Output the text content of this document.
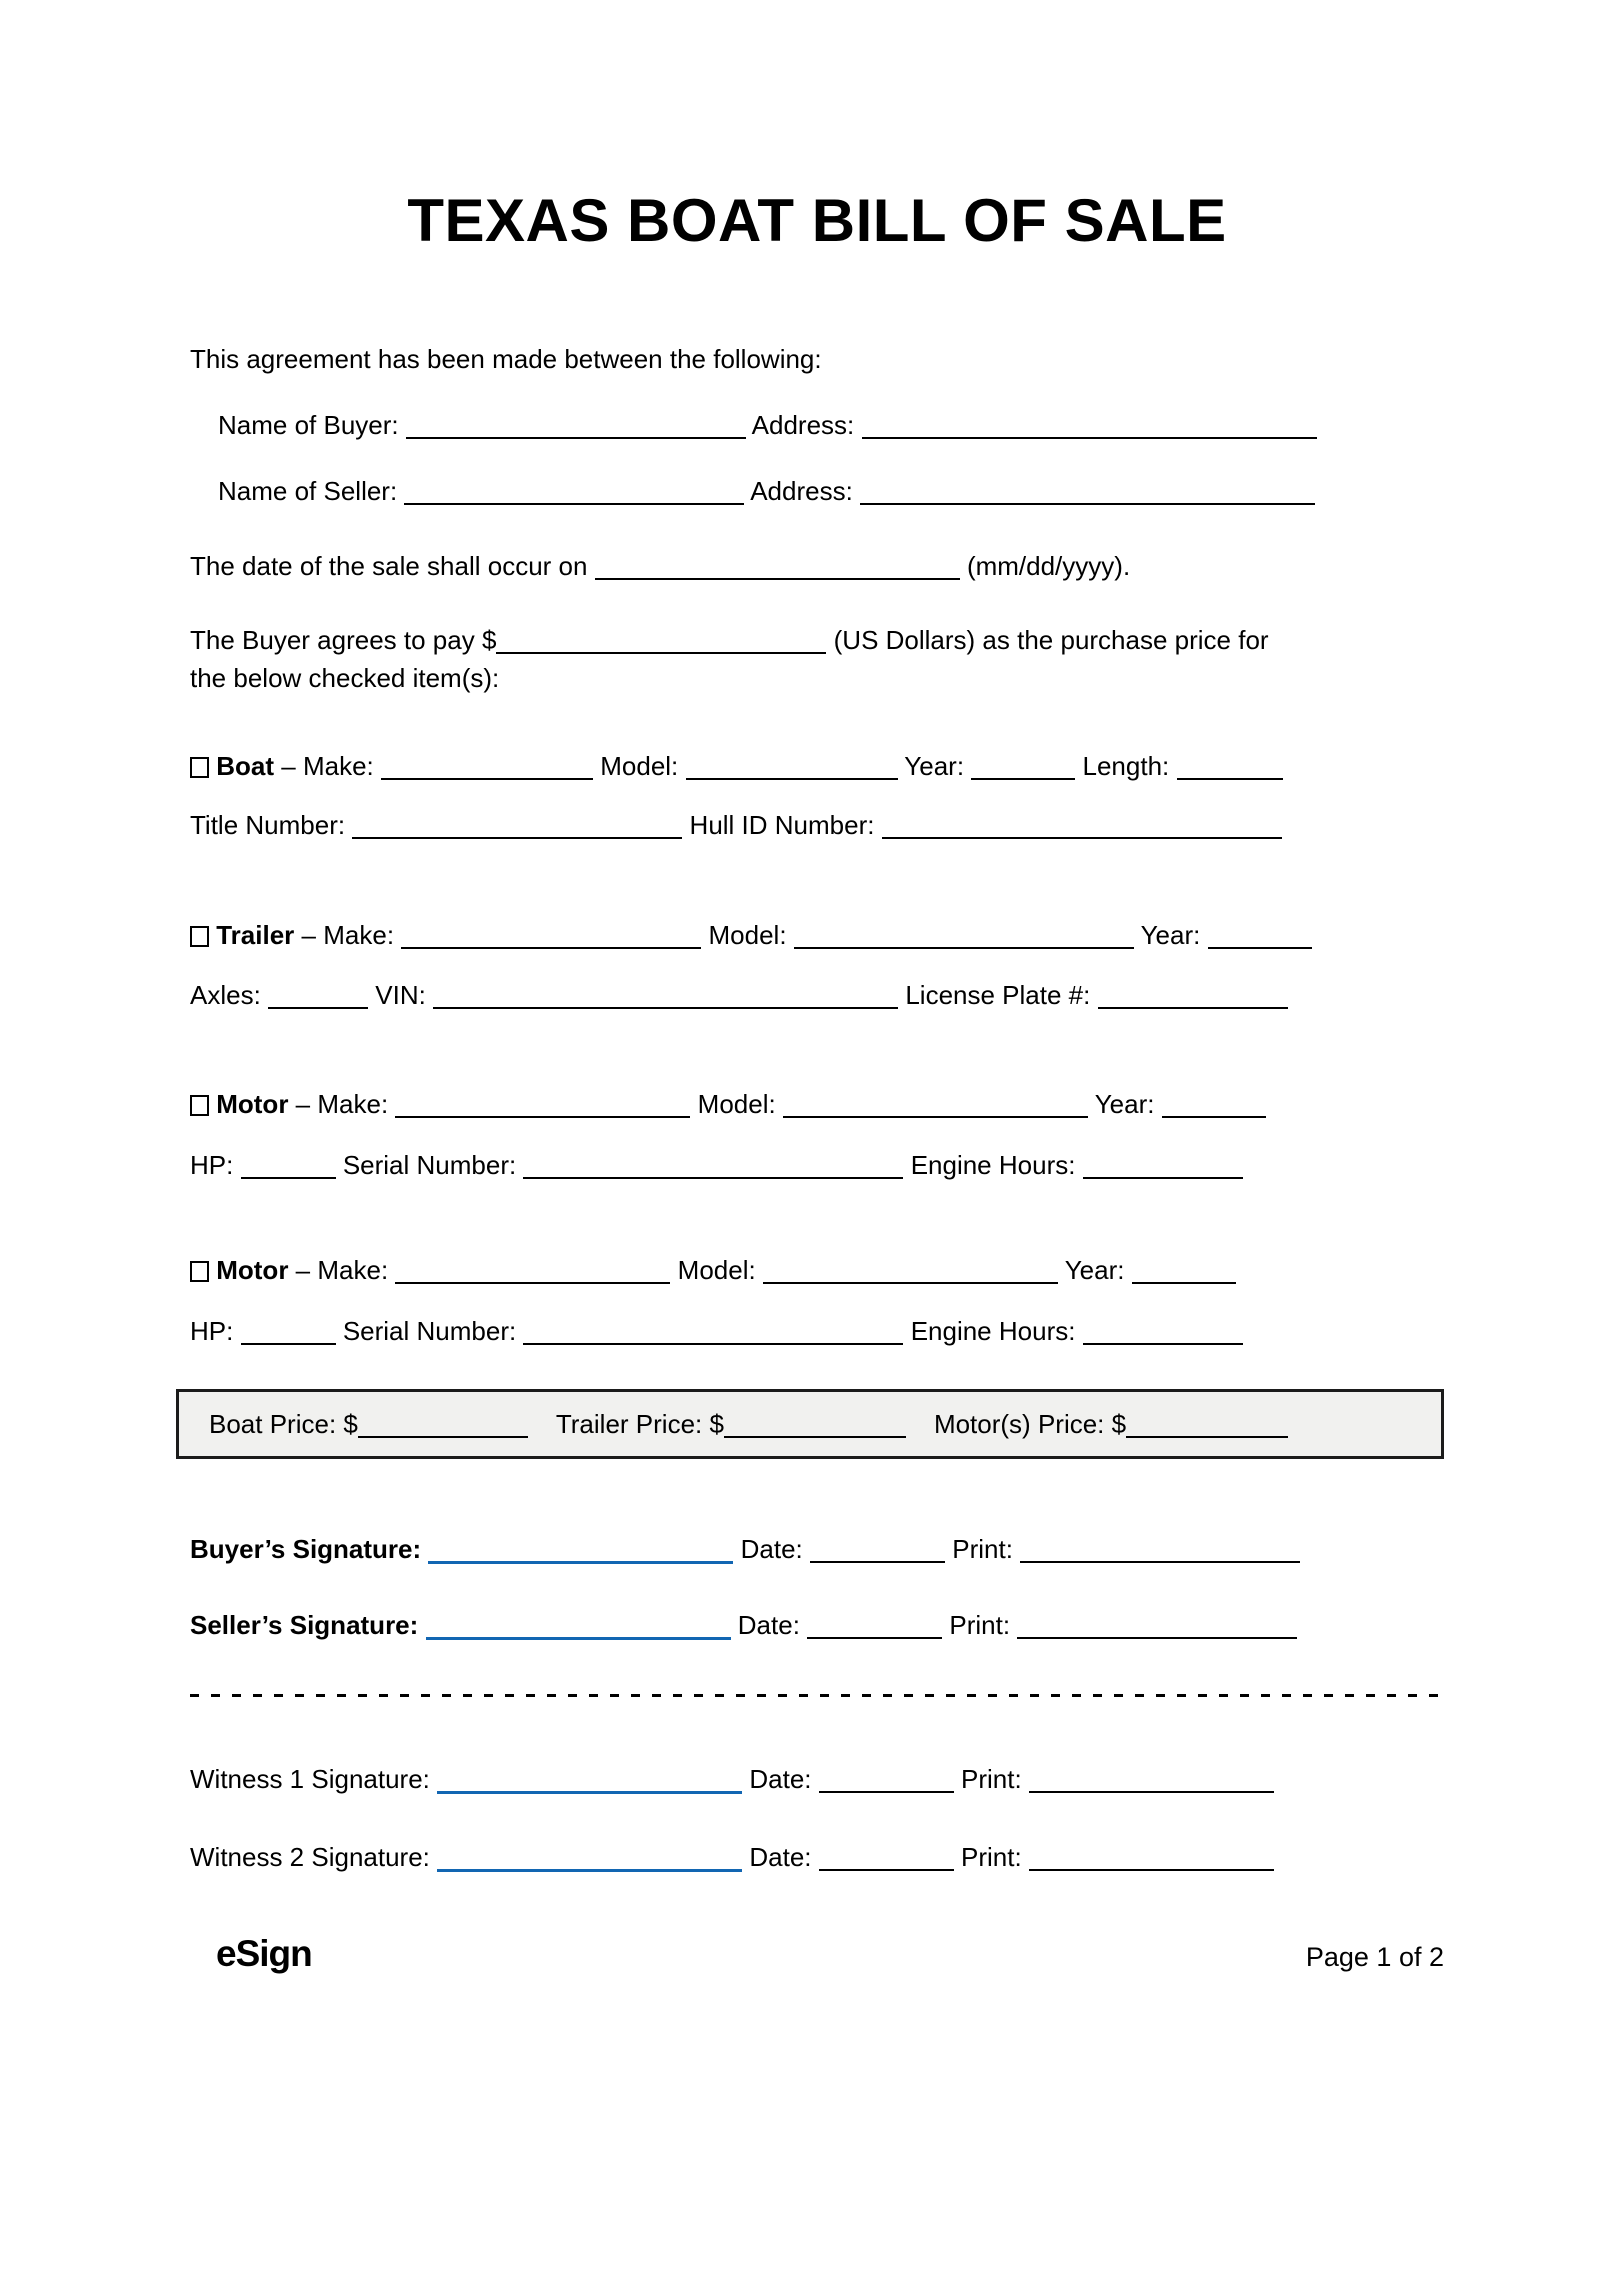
TEXAS BOAT BILL OF SALE
This agreement has been made between the following:
Name of Buyer:	Address:
Name of Seller:	Address:
The date of the sale shall occur on	(mm/dd/yyyy).
The Buyer agrees to pay $	(US Dollars) as the purchase price for
the below checked item(s):
Boat – Make:	Model:	Year:	Length:
Title Number:	Hull ID Number:
Trailer – Make:	Model:	Year:
Axles:	VIN:	License Plate #:
Motor – Make:	Model:	Year:
HP:	Serial Number:	Engine Hours:
Motor – Make:	Model:	Year:
HP:	Serial Number:	Engine Hours:
Boat Price: $	Trailer Price: $	Motor(s) Price: $
Buyer’s Signature:	Date:	Print:
Seller’s Signature:	Date:	Print:
Witness 1 Signature:	Date:	Print:
Witness 2 Signature:	Date:	Print:
eSign	Page 1 of 2
